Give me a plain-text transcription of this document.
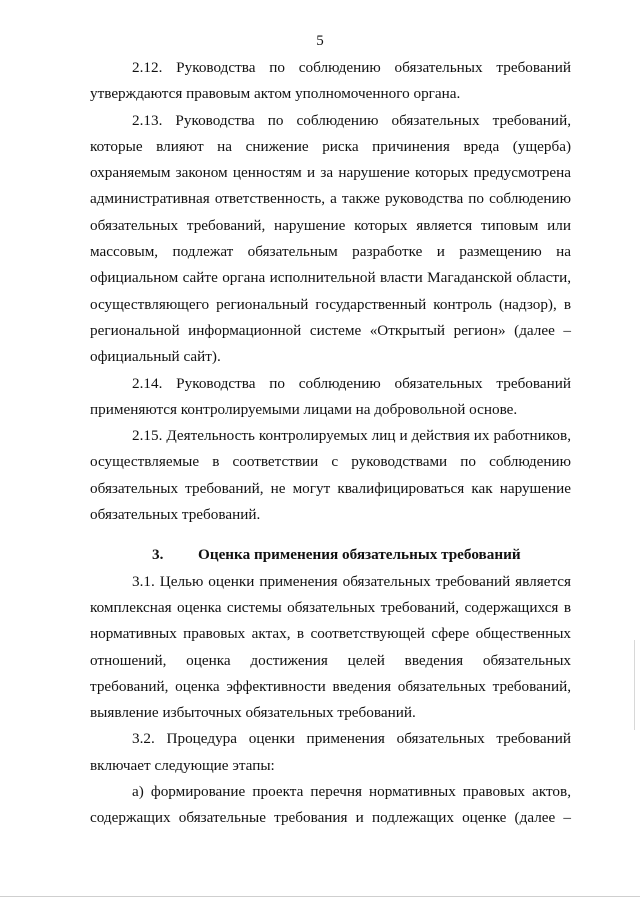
5

2.12. Руководства по соблюдению обязательных требований утверждаются правовым актом уполномоченного органа.

2.13. Руководства по соблюдению обязательных требований, которые влияют на снижение риска причинения вреда (ущерба) охраняемым законом ценностям и за нарушение которых предусмотрена административная ответственность, а также руководства по соблюдению обязательных требований, нарушение которых является типовым или массовым, подлежат обязательным разработке и размещению на официальном сайте органа исполнительной власти Магаданской области, осуществляющего региональный государственный контроль (надзор), в региональной информационной системе «Открытый регион» (далее – официальный сайт).

2.14. Руководства по соблюдению обязательных требований применяются контролируемыми лицами на добровольной основе.

2.15. Деятельность контролируемых лиц и действия их работников, осуществляемые в соответствии с руководствами по соблюдению обязательных требований, не могут квалифицироваться как нарушение обязательных требований.

3. Оценка применения обязательных требований

3.1. Целью оценки применения обязательных требований является комплексная оценка системы обязательных требований, содержащихся в нормативных правовых актах, в соответствующей сфере общественных отношений, оценка достижения целей введения обязательных требований, оценка эффективности введения обязательных требований, выявление избыточных обязательных требований.

3.2. Процедура оценки применения обязательных требований включает следующие этапы:

а) формирование проекта перечня нормативных правовых актов, содержащих обязательные требования и подлежащих оценке (далее –
